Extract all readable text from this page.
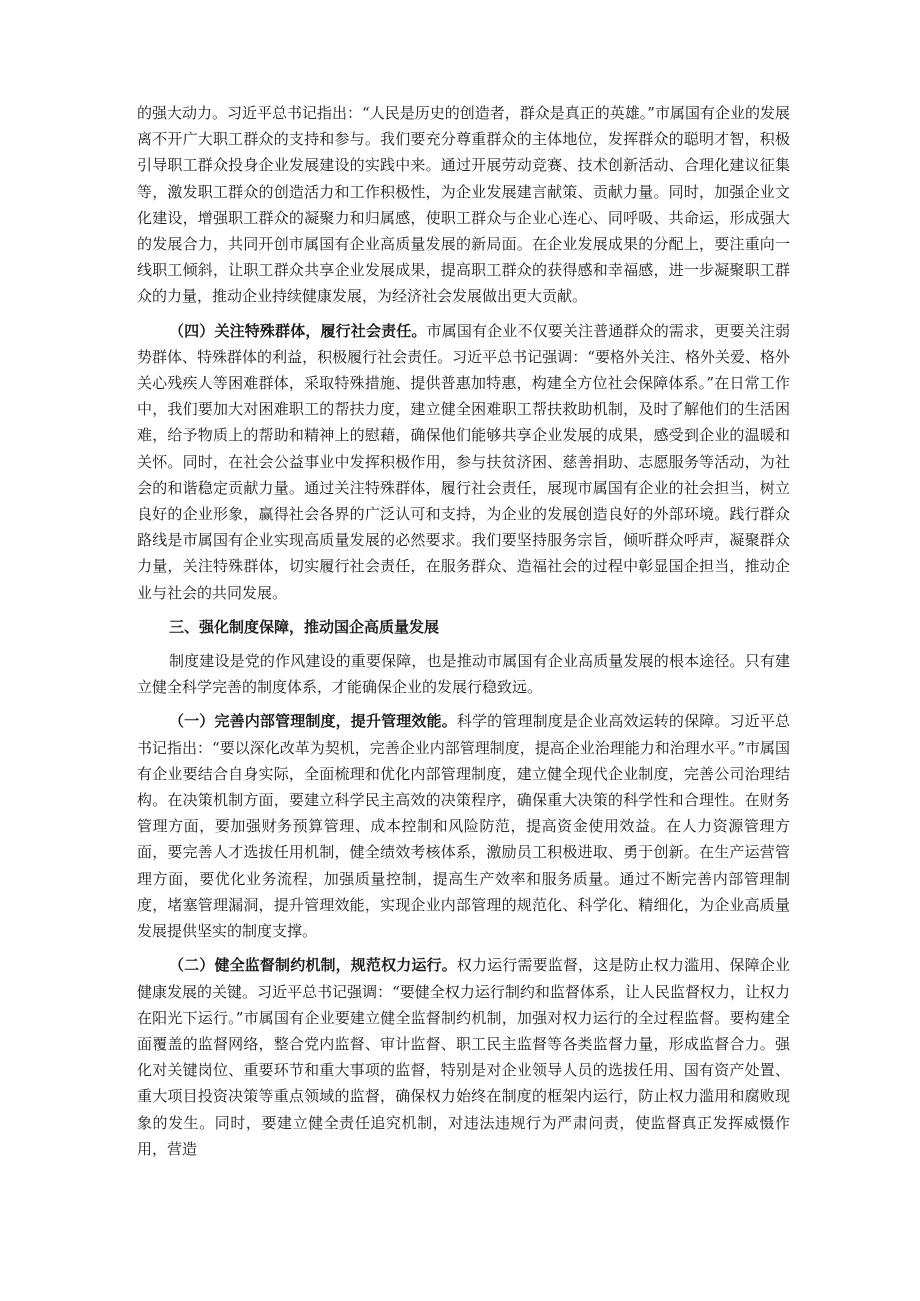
的强大动力。习近平总书记指出：“人民是历史的创造者，群众是真正的英雄。”市属国有企业的发展离不开广大职工群众的支持和参与。我们要充分尊重群众的主体地位，发挥群众的聪明才智，积极引导职工群众投身企业发展建设的实践中来。通过开展劳动竞赛、技术创新活动、合理化建议征集等，激发职工群众的创造活力和工作积极性，为企业发展建言献策、贡献力量。同时，加强企业文化建设，增强职工群众的凝聚力和归属感，使职工群众与企业心连心、同呼吸、共命运，形成强大的发展合力，共同开创市属国有企业高质量发展的新局面。在企业发展成果的分配上，要注重向一线职工倾斜，让职工群众共享企业发展成果，提高职工群众的获得感和幸福感，进一步凝聚职工群众的力量，推动企业持续健康发展，为经济社会发展做出更大贡献。

（四）关注特殊群体，履行社会责任。市属国有企业不仅要关注普通群众的需求，更要关注弱势群体、特殊群体的利益，积极履行社会责任。习近平总书记强调：“要格外关注、格外关爱、格外关心残疾人等困难群体，采取特殊措施、提供普惠加特惠，构建全方位社会保障体系。”在日常工作中，我们要加大对困难职工的帮扶力度，建立健全困难职工帮扶救助机制，及时了解他们的生活困难，给予物质上的帮助和精神上的慰藉，确保他们能够共享企业发展的成果，感受到企业的温暖和关怀。同时，在社会公益事业中发挥积极作用，参与扶贫济困、慈善捐助、志愿服务等活动，为社会的和谐稳定贡献力量。通过关注特殊群体，履行社会责任，展现市属国有企业的社会担当，树立良好的企业形象，赢得社会各界的广泛认可和支持，为企业的发展创造良好的外部环境。践行群众路线是市属国有企业实现高质量发展的必然要求。我们要坚持服务宗旨，倾听群众呼声，凝聚群众力量，关注特殊群体，切实履行社会责任，在服务群众、造福社会的过程中彰显国企担当，推动企业与社会的共同发展。

三、强化制度保障，推动国企高质量发展

制度建设是党的作风建设的重要保障，也是推动市属国有企业高质量发展的根本途径。只有建立健全科学完善的制度体系，才能确保企业的发展行稳致远。

（一）完善内部管理制度，提升管理效能。科学的管理制度是企业高效运转的保障。习近平总书记指出：“要以深化改革为契机，完善企业内部管理制度，提高企业治理能力和治理水平。”市属国有企业要结合自身实际，全面梳理和优化内部管理制度，建立健全现代企业制度，完善公司治理结构。在决策机制方面，要建立科学民主高效的决策程序，确保重大决策的科学性和合理性。在财务管理方面，要加强财务预算管理、成本控制和风险防范，提高资金使用效益。在人力资源管理方面，要完善人才选拔任用机制，健全绩效考核体系，激励员工积极进取、勇于创新。在生产运营管理方面，要优化业务流程，加强质量控制，提高生产效率和服务质量。通过不断完善内部管理制度，堵塞管理漏洞，提升管理效能，实现企业内部管理的规范化、科学化、精细化，为企业高质量发展提供坚实的制度支撑。

（二）健全监督制约机制，规范权力运行。权力运行需要监督，这是防止权力滥用、保障企业健康发展的关键。习近平总书记强调：“要健全权力运行制约和监督体系，让人民监督权力，让权力在阳光下运行。”市属国有企业要建立健全监督制约机制，加强对权力运行的全过程监督。要构建全面覆盖的监督网络，整合党内监督、审计监督、职工民主监督等各类监督力量，形成监督合力。强化对关键岗位、重要环节和重大事项的监督，特别是对企业领导人员的选拔任用、国有资产处置、重大项目投资决策等重点领域的监督，确保权力始终在制度的框架内运行，防止权力滥用和腐败现象的发生。同时，要建立健全责任追究机制，对违法违规行为严肃问责，使监督真正发挥威慑作用，营造
